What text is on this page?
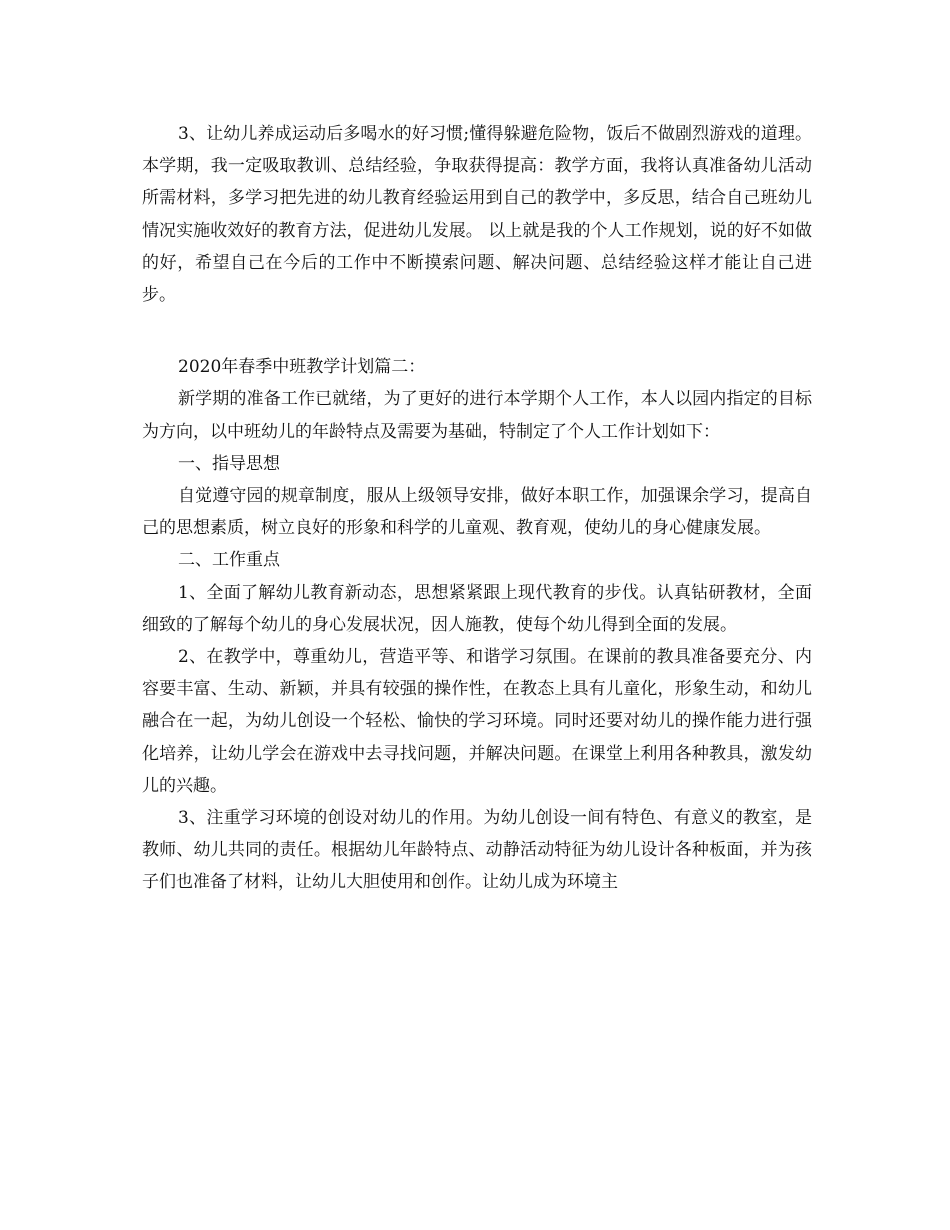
3、让幼儿养成运动后多喝水的好习惯;懂得躲避危险物，饭后不做剧烈游戏的道理。 本学期，我一定吸取教训、总结经验，争取获得提高：教学方面，我将认真准备幼儿活动所需材料，多学习把先进的幼儿教育经验运用到自己的教学中，多反思，结合自己班幼儿情况实施收效好的教育方法，促进幼儿发展。 以上就是我的个人工作规划，说的好不如做的好，希望自己在今后的工作中不断摸索问题、解决问题、总结经验这样才能让自己进步。

2020年春季中班教学计划篇二：

新学期的准备工作已就绪，为了更好的进行本学期个人工作，本人以园内指定的目标为方向，以中班幼儿的年龄特点及需要为基础，特制定了个人工作计划如下：

一、指导思想

自觉遵守园的规章制度，服从上级领导安排，做好本职工作，加强课余学习，提高自己的思想素质，树立良好的形象和科学的儿童观、教育观，使幼儿的身心健康发展。

二、工作重点

1、全面了解幼儿教育新动态，思想紧紧跟上现代教育的步伐。认真钻研教材，全面细致的了解每个幼儿的身心发展状况，因人施教，使每个幼儿得到全面的发展。

2、在教学中，尊重幼儿，营造平等、和谐学习氛围。在课前的教具准备要充分、内容要丰富、生动、新颖，并具有较强的操作性，在教态上具有儿童化，形象生动，和幼儿融合在一起，为幼儿创设一个轻松、愉快的学习环境。同时还要对幼儿的操作能力进行强化培养，让幼儿学会在游戏中去寻找问题，并解决问题。在课堂上利用各种教具，激发幼儿的兴趣。

3、注重学习环境的创设对幼儿的作用。为幼儿创设一间有特色、有意义的教室，是教师、幼儿共同的责任。根据幼儿年龄特点、动静活动特征为幼儿设计各种板面，并为孩子们也准备了材料，让幼儿大胆使用和创作。让幼儿成为环境主
